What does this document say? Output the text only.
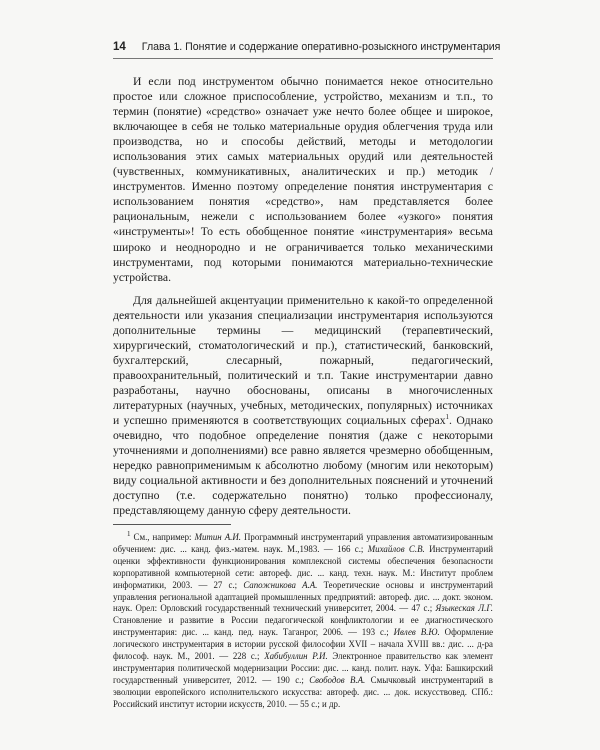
14 Глава 1. Понятие и содержание оперативно-розыскного инструментария

И если под инструментом обычно понимается некое относительно простое или сложное приспособление, устройство, механизм и т.п., то термин (понятие) «средство» означает уже нечто более общее и широкое, включающее в себя не только материальные орудия облегчения труда или производства, но и способы действий, методы и методологии использования этих самых материальных орудий или деятельностей (чувственных, коммуникативных, аналитических и пр.) методик / инструментов. Именно поэтому определение понятия инструментария с использованием понятия «средство», нам представляется более рациональным, нежели с использованием более «узкого» понятия «инструменты»! То есть обобщенное понятие «инструментария» весьма широко и неоднородно и не ограничивается только механическими инструментами, под которыми понимаются материально-технические устройства.

Для дальнейшей акцентуации применительно к какой-то определенной деятельности или указания специализации инструментария используются дополнительные термины — медицинский (терапевтический, хирургический, стоматологический и пр.), статистический, банковский, бухгалтерский, слесарный, пожарный, педагогический, правоохранительный, политический и т.п. Такие инструментарии давно разработаны, научно обоснованы, описаны в многочисленных литературных (научных, учебных, методических, популярных) источниках и успешно применяются в соответствующих социальных сферах$^1$. Однако очевидно, что подобное определение понятия (даже с некоторыми уточнениями и дополнениями) все равно является чрезмерно обобщенным, нередко равноприменимым к абсолютно любому (многим или некоторым) виду социальной активности и без дополнительных пояснений и уточнений доступно (т.е. содержательно понятно) только профессионалу, представляющему данную сферу деятельности.

$^1$ См., например: Митин А.И. Программный инструментарий управления автоматизированным обучением: дис. ... канд. физ.-матем. наук. М.,1983. — 166 с.; Михайлов С.В. Инструментарий оценки эффективности функционирования комплексной системы обеспечения безопасности корпоративной компьютерной сети: автореф. дис. ... канд. техн. наук. М.: Институт проблем информатики, 2003. — 27 с.; Сапожникова А.А. Теоретические основы и инструментарий управления региональной адаптацией промышленных предприятий: автореф. дис. ... докт. эконом. наук. Орел: Орловский государственный технический университет, 2004. — 47 с.; Языкеская Л.Г. Становление и развитие в России педагогической конфликтологии и ее диагностического инструментария: дис. ... канд. пед. наук. Таганрог, 2006. — 193 с.; Ивлев В.Ю. Оформление логического инструментария в истории русской философии XVII – начала XVIII вв.: дис. ... д-ра философ. наук. М., 2001. — 228 с.; Хабибуллин Р.И. Электронное правительство как элемент инструментария политической модернизации России: дис. ... канд. полит. наук. Уфа: Башкирский государственный университет, 2012. — 190 с.; Свободов В.А. Смычковый инструментарий в эволюции европейского исполнительского искусства: автореф. дис. ... док. искусствовед. СПб.: Российский институт истории искусств, 2010. — 55 с.; и др.
